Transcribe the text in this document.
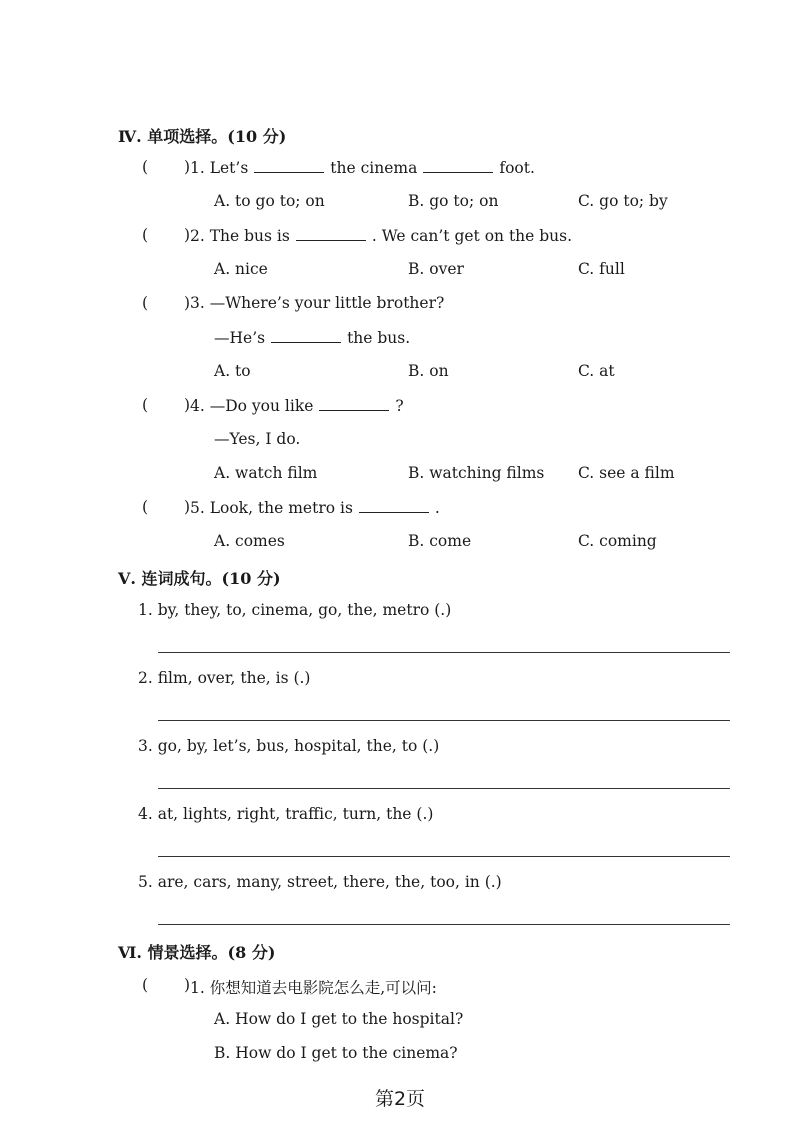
Ⅳ. 单项选择。(10 分)
( ) 1. Let’s	the cinema	foot.
A. to go to; on	B. go to; on	C. go to; by
( ) 2. The bus is	. We can’t get on the bus.
A. nice	B. over	C. full
( ) 3. —Where’s your little brother?
—He’s	the bus.
A. to	B. on	C. at
( ) 4. —Do you like	?
—Yes, I do.
A. watch film	B. watching films C. see a film
( ) 5. Look, the metro is	.
A. comes	B. come	C. coming
Ⅴ. 连词成句。(10 分)
1. by, they, to, cinema, go, the, metro (.)
2. film, over, the, is (.)
3. go, by, let’s, bus, hospital, the, to (.)
4. at, lights, right, traffic, turn, the (.)
5. are, cars, many, street, there, the, too, in (.)
Ⅵ. 情景选择。(8 分)
( ) 1. 你想知道去电影院怎么走,可以问:
A. How do I get to the hospital?
B. How do I get to the cinema?
第2页
